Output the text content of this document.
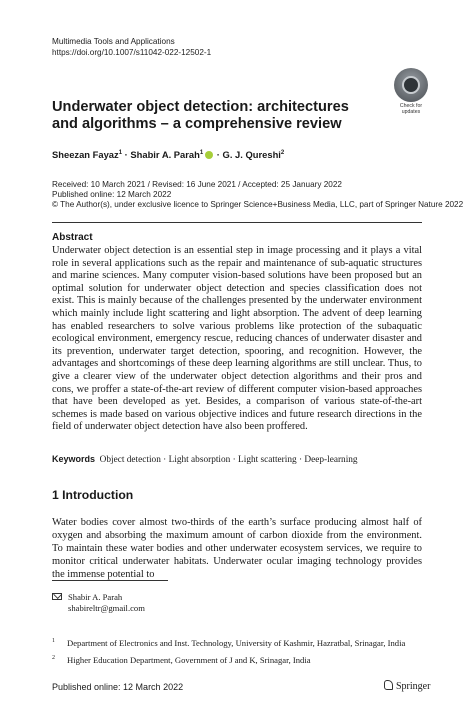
Multimedia Tools and Applications
https://doi.org/10.1007/s11042-022-12502-1
Check for
updates
Underwater object detection: architectures
and algorithms – a comprehensive review
Sheezan Fayaz$^1$ · Shabir A. Parah$^1$ · G. J. Qureshi$^2$
Received: 10 March 2021 / Revised: 16 June 2021 / Accepted: 25 January 2022
Published online: 12 March 2022
© The Author(s), under exclusive licence to Springer Science+Business Media, LLC, part of Springer Nature 2022
Abstract

Underwater object detection is an essential step in image processing and it plays a vital role in several applications such as the repair and maintenance of sub-aquatic structures and marine sciences. Many computer vision-based solutions have been proposed but an optimal solution for underwater object detection and species classification does not exist. This is mainly because of the challenges presented by the underwater environment which mainly include light scattering and light absorption. The advent of deep learning has enabled researchers to solve various problems like protection of the subaquatic ecological environment, emergency rescue, reducing chances of underwater disaster and its prevention, underwater target detection, spooring, and recognition. However, the advantages and shortcomings of these deep learning algorithms are still unclear. Thus, to give a clearer view of the underwater object detection algorithms and their pros and cons, we proffer a state-of-the-art review of different computer vision-based approaches that have been developed as yet. Besides, a comparison of various state-of-the-art schemes is made based on various objective indices and future research directions in the field of underwater object detection have also been proffered.

Keywords Object detection · Light absorption · Light scattering · Deep-learning
1 Introduction

Water bodies cover almost two-thirds of the earth’s surface producing almost half of oxygen and absorbing the maximum amount of carbon dioxide from the environment. To maintain these water bodies and other underwater ecosystem services, we require to monitor critical underwater habitats. Underwater ocular imaging technology provides the immense potential to

Shabir A. Parah
shabireltr@gmail.com
$^1$ Department of Electronics and Inst. Technology, University of Kashmir, Hazratbal, Srinagar, India
$^2$ Higher Education Department, Government of J and K, Srinagar, India
Published online: 12 March 2022	Springer
